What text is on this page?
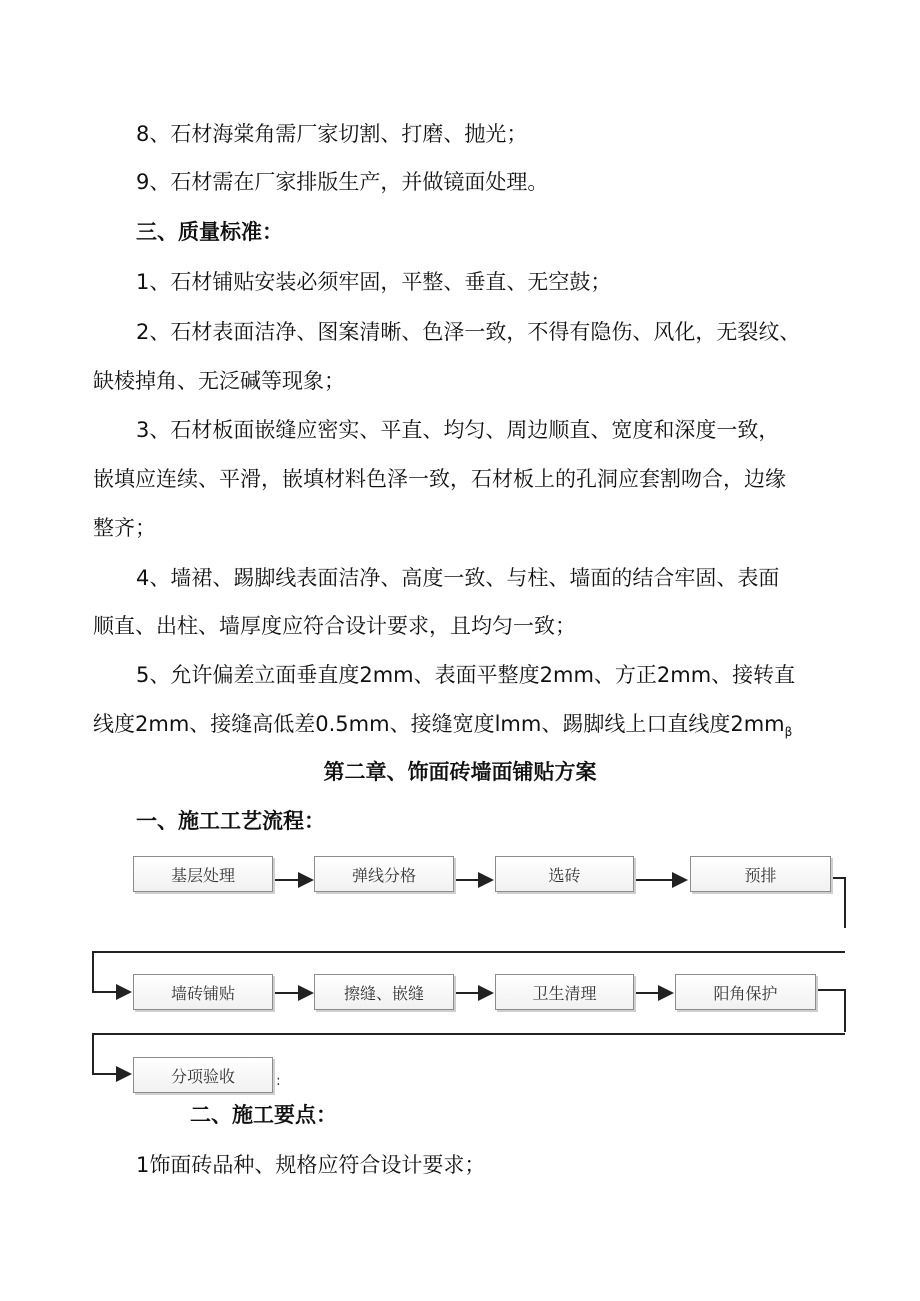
8、石材海棠角需厂家切割、打磨、抛光；
9、石材需在厂家排版生产，并做镜面处理。
三、质量标准：
1、石材铺贴安装必须牢固，平整、垂直、无空鼓；
2、石材表面洁净、图案清晰、色泽一致，不得有隐伤、风化，无裂纹、
缺棱掉角、无泛碱等现象；
3、石材板面嵌缝应密实、平直、均匀、周边顺直、宽度和深度一致，
嵌填应连续、平滑，嵌填材料色泽一致，石材板上的孔洞应套割吻合，边缘
整齐；
4、墙裙、踢脚线表面洁净、高度一致、与柱、墙面的结合牢固、表面
顺直、出柱、墙厚度应符合设计要求，且均匀一致；
5、允许偏差立面垂直度2mm、表面平整度2mm、方正2mm、接转直
线度2mm、接缝高低差0.5mm、接缝宽度lmm、踢脚线上口直线度$2mm_\beta$
第二章、饰面砖墙面铺贴方案
一、施工工艺流程：
基层处理	弹线分格	选砖	预排
墙砖铺贴	擦缝、嵌缝	卫生清理	阳角保护
分项验收	:
二、施工要点：
1饰面砖品种、规格应符合设计要求；
